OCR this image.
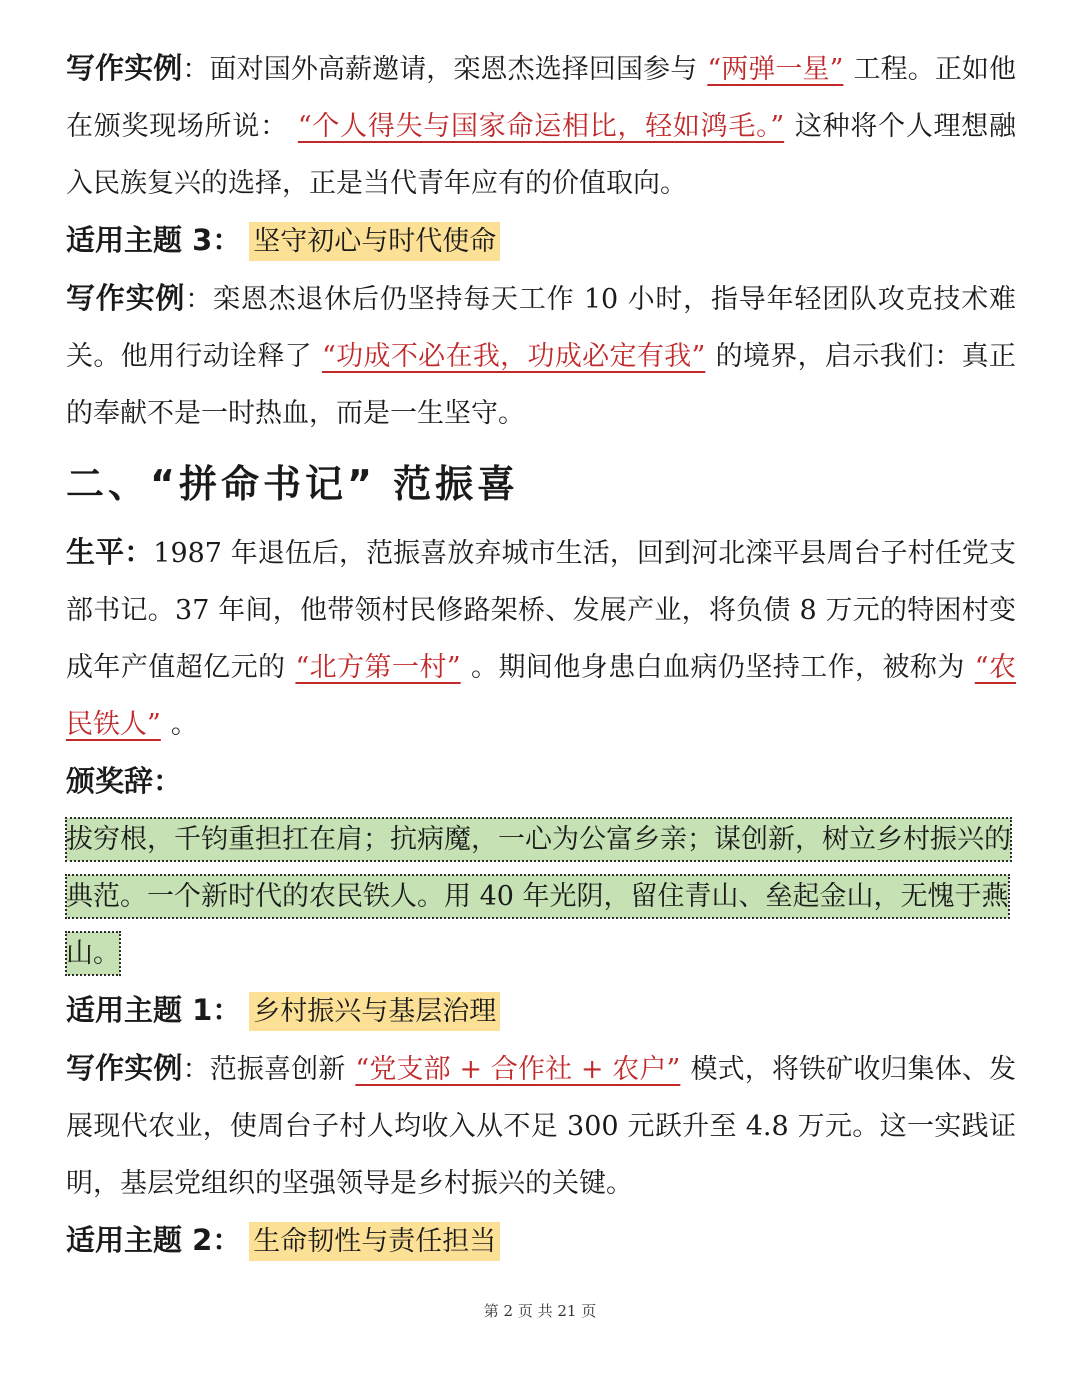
写作实例：面对国外高薪邀请，栾恩杰选择回国参与 “两弹一星” 工程。正如他在颁奖现场所说： “个人得失与国家命运相比，轻如鸿毛。” 这种将个人理想融入民族复兴的选择，正是当代青年应有的价值取向。

适用主题 3： 坚守初心与时代使命

写作实例：栾恩杰退休后仍坚持每天工作 10 小时，指导年轻团队攻克技术难关。他用行动诠释了 “功成不必在我，功成必定有我” 的境界，启示我们：真正的奉献不是一时热血，而是一生坚守。

二、“拼命书记” 范振喜

生平：1987 年退伍后，范振喜放弃城市生活，回到河北滦平县周台子村任党支部书记。37 年间，他带领村民修路架桥、发展产业，将负债 8 万元的特困村变成年产值超亿元的 “北方第一村” 。期间他身患白血病仍坚持工作，被称为 “农民铁人” 。

颁奖辞：

拔穷根，千钧重担扛在肩；抗病魔，一心为公富乡亲；谋创新，树立乡村振兴的典范。一个新时代的农民铁人。用 40 年光阴，留住青山、垒起金山，无愧于燕山。

适用主题 1： 乡村振兴与基层治理

写作实例：范振喜创新 “党支部 + 合作社 + 农户” 模式，将铁矿收归集体、发展现代农业，使周台子村人均收入从不足 300 元跃升至 4.8 万元。这一实践证明，基层党组织的坚强领导是乡村振兴的关键。

适用主题 2： 生命韧性与责任担当

第 2 页 共 21 页
